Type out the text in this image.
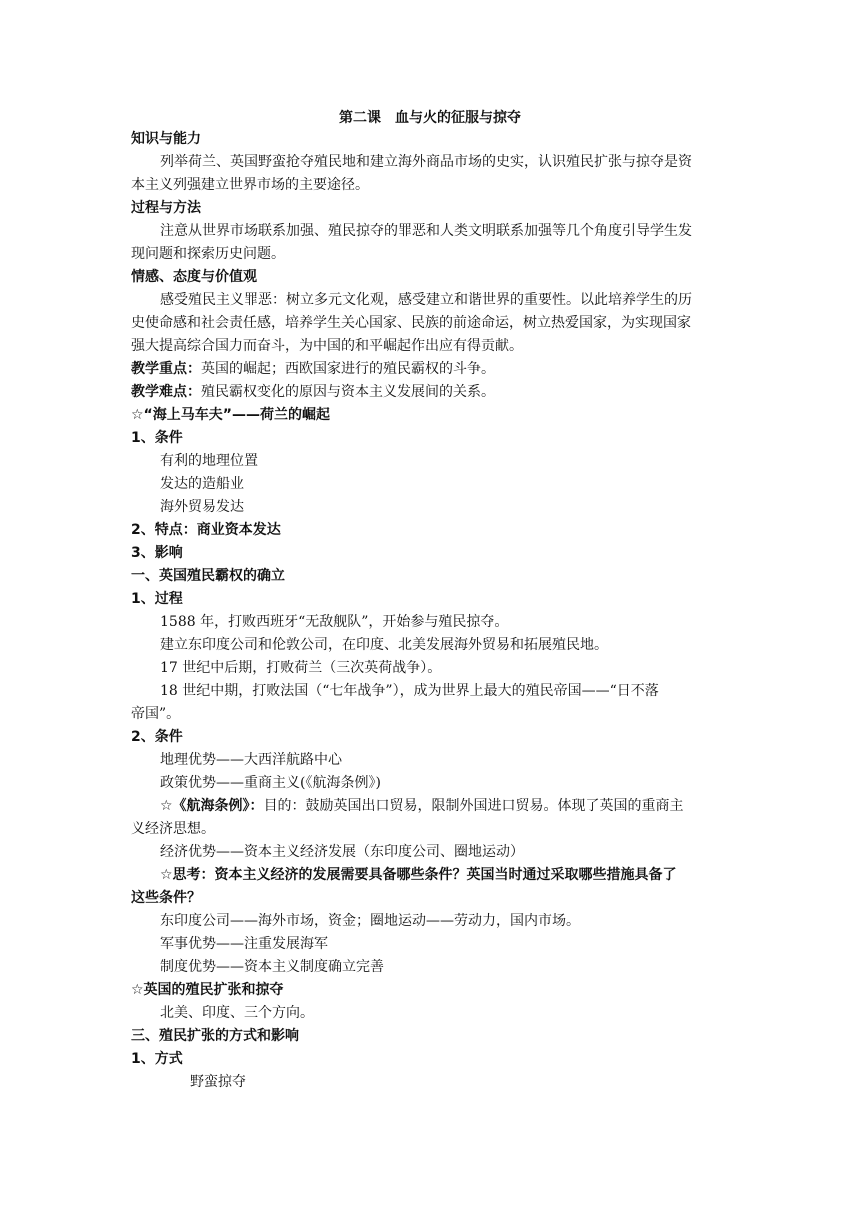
第二课　血与火的征服与掠夺
知识与能力
列举荷兰、英国野蛮抢夺殖民地和建立海外商品市场的史实，认识殖民扩张与掠夺是资
本主义列强建立世界市场的主要途径。
过程与方法
注意从世界市场联系加强、殖民掠夺的罪恶和人类文明联系加强等几个角度引导学生发
现问题和探索历史问题。
情感、态度与价值观
感受殖民主义罪恶：树立多元文化观，感受建立和谐世界的重要性。以此培养学生的历
史使命感和社会责任感，培养学生关心国家、民族的前途命运，树立热爱国家，为实现国家
强大提高综合国力而奋斗，为中国的和平崛起作出应有得贡献。
教学重点：英国的崛起；西欧国家进行的殖民霸权的斗争。
教学难点：殖民霸权变化的原因与资本主义发展间的关系。
☆“海上马车夫”——荷兰的崛起
1、条件
有利的地理位置
发达的造船业
海外贸易发达
2、特点：商业资本发达
3、影响
一、英国殖民霸权的确立
1、过程
1588 年，打败西班牙“无敌舰队”，开始参与殖民掠夺。
建立东印度公司和伦敦公司，在印度、北美发展海外贸易和拓展殖民地。
17 世纪中后期，打败荷兰（三次英荷战争）。
18 世纪中期，打败法国（“七年战争”），成为世界上最大的殖民帝国——“日不落
帝国”。
2、条件
地理优势——大西洋航路中心
政策优势——重商主义(《航海条例》)
☆《航海条例》：目的：鼓励英国出口贸易，限制外国进口贸易。体现了英国的重商主
义经济思想。
经济优势——资本主义经济发展（东印度公司、圈地运动）
☆思考：资本主义经济的发展需要具备哪些条件？英国当时通过采取哪些措施具备了
这些条件？
东印度公司——海外市场，资金；圈地运动——劳动力，国内市场。
军事优势——注重发展海军
制度优势——资本主义制度确立完善
☆英国的殖民扩张和掠夺
北美、印度、三个方向。
三、殖民扩张的方式和影响
1、方式
野蛮掠夺
